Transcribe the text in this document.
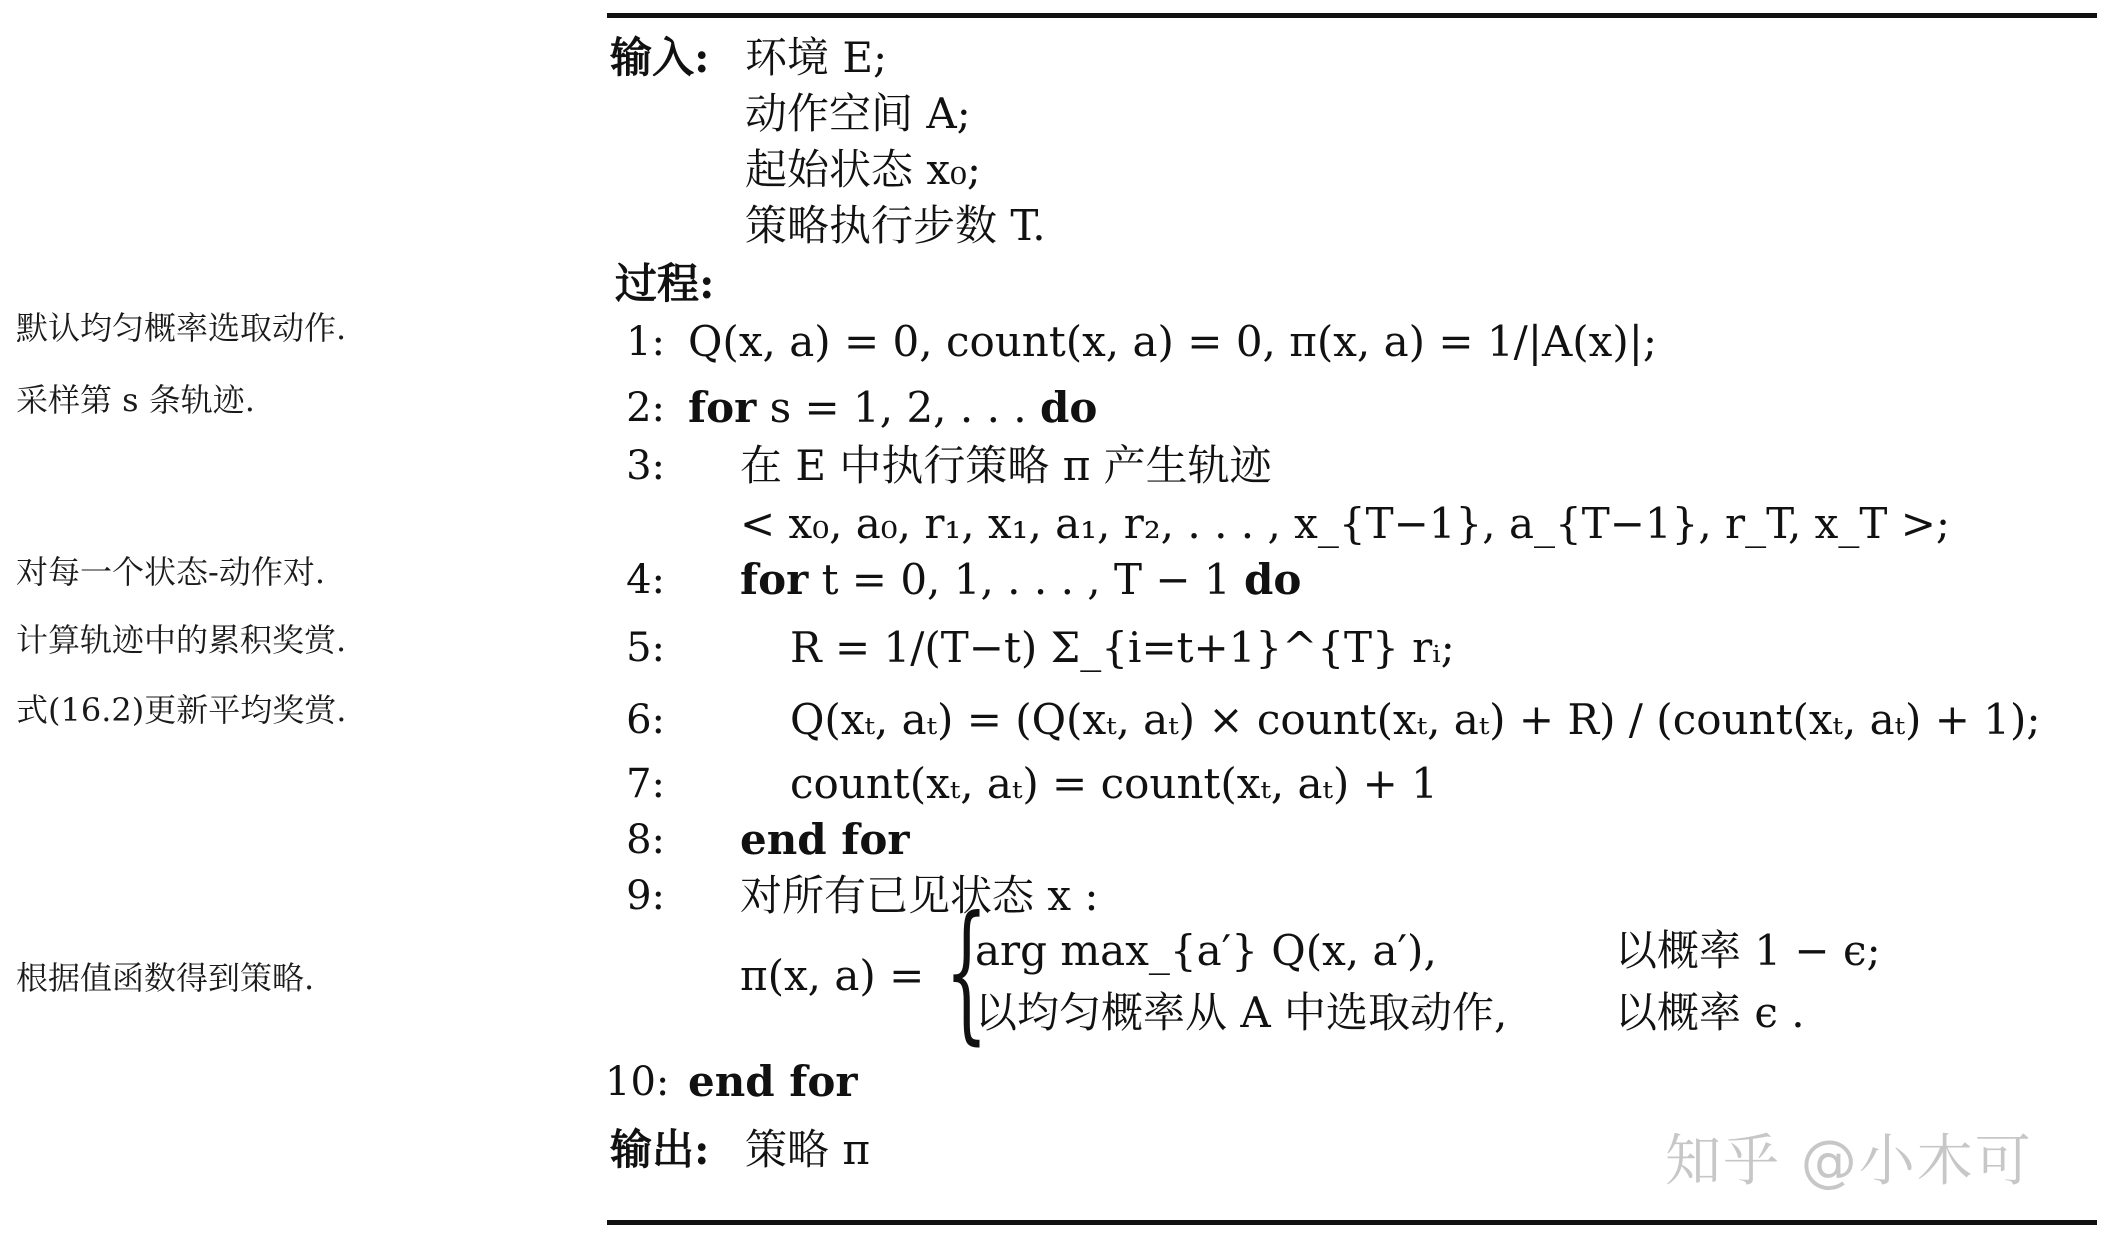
默认均匀概率选取动作.
采样第 s 条轨迹.
对每一个状态-动作对.
计算轨迹中的累积奖赏.
式(16.2)更新平均奖赏.
根据值函数得到策略.
输入: 环境 E;
动作空间 A;
起始状态 x₀;
策略执行步数 T.
过程:
1: Q(x, a) = 0, count(x, a) = 0, π(x, a) = 1/|A(x)|;
2: for s = 1, 2, . . . do
3: 在 E 中执行策略 π 产生轨迹
< x₀, a₀, r₁, x₁, a₁, r₂, . . . , x_{T−1}, a_{T−1}, r_T, x_T >;
4: for t = 0, 1, . . . , T − 1 do
5:	R = 1/(T−t) Σ_{i=t+1}^{T} rᵢ;
6:	Q(xₜ, aₜ) = (Q(xₜ, aₜ) × count(xₜ, aₜ) + R) / (count(xₜ, aₜ) + 1);
7:	count(xₜ, aₜ) = count(xₜ, aₜ) + 1
8: end for
9: 对所有已见状态 x :
π(x, a) = {
arg max_{a′} Q(x, a′),	以概率 1 − ϵ;
以均匀概率从 A 中选取动作,	以概率 ϵ .
10: end for
输出: 策略 π	知乎 @小木可
